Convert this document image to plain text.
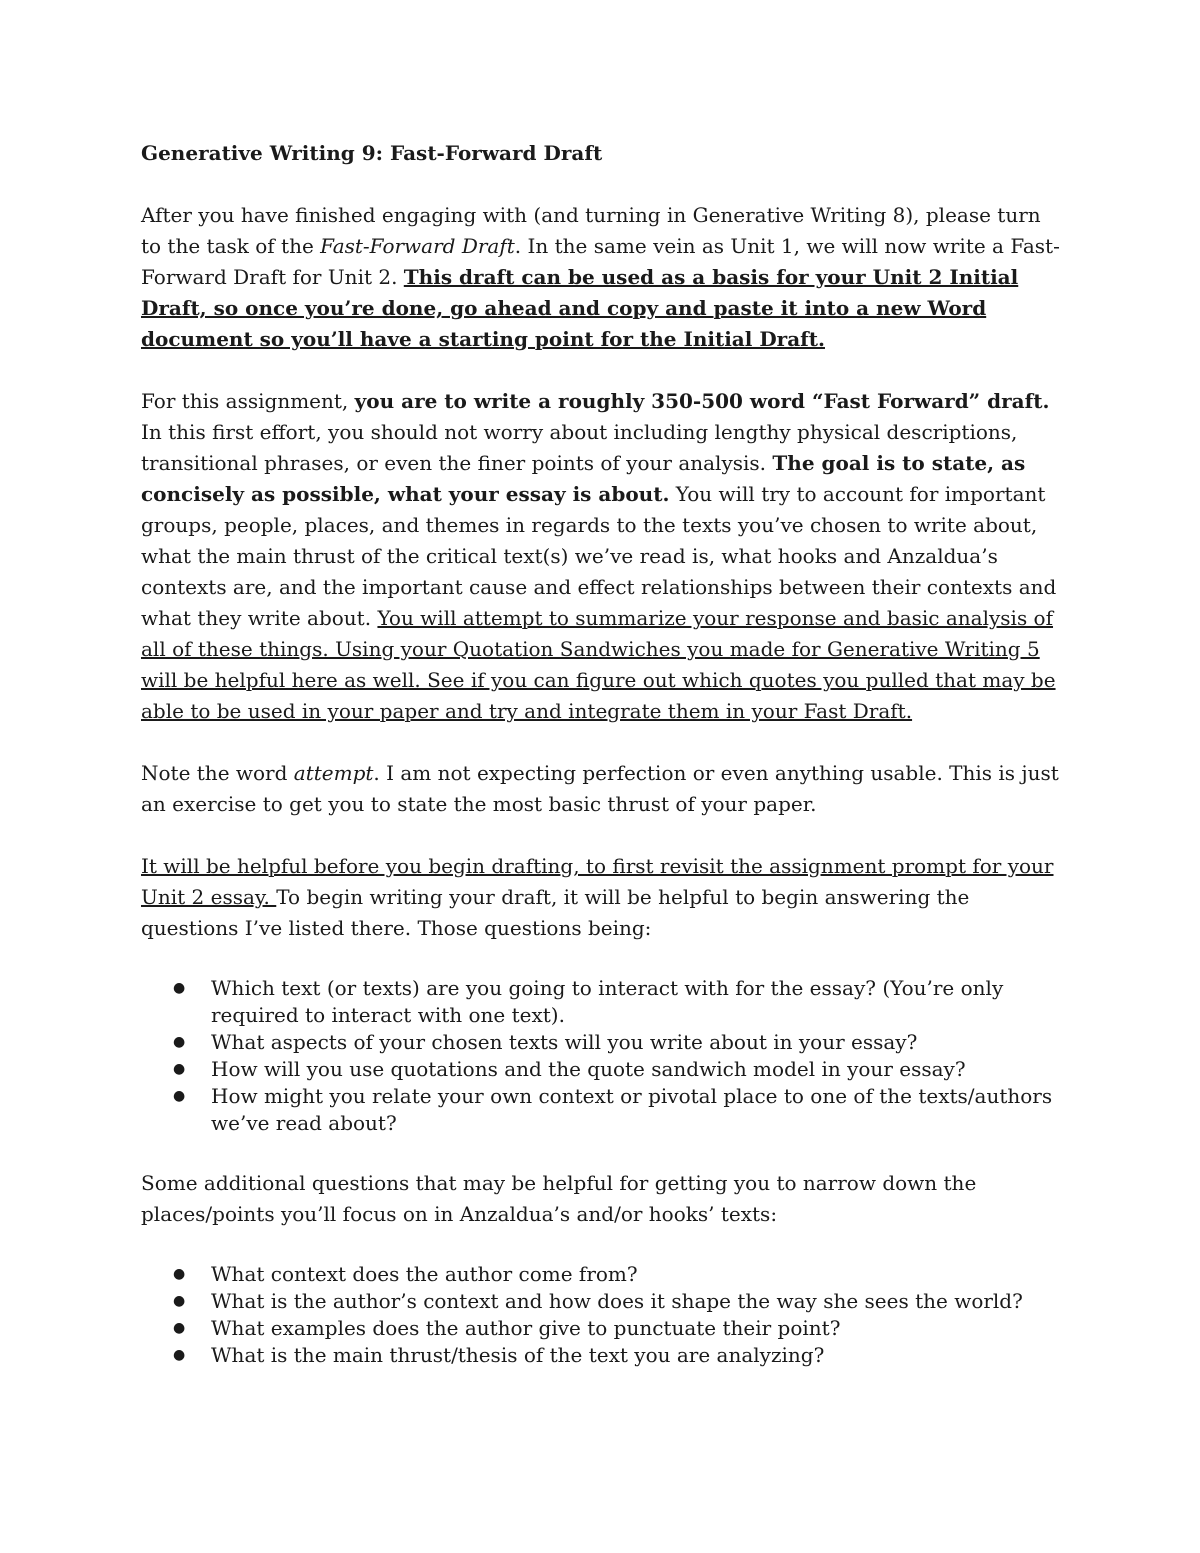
Generative Writing 9: Fast-Forward Draft

After you have finished engaging with (and turning in Generative Writing 8), please turn to the task of the Fast-Forward Draft. In the same vein as Unit 1, we will now write a Fast-Forward Draft for Unit 2. This draft can be used as a basis for your Unit 2 Initial Draft, so once you’re done, go ahead and copy and paste it into a new Word document so you’ll have a starting point for the Initial Draft.

For this assignment, you are to write a roughly 350-500 word “Fast Forward” draft. In this first effort, you should not worry about including lengthy physical descriptions, transitional phrases, or even the finer points of your analysis. The goal is to state, as concisely as possible, what your essay is about. You will try to account for important groups, people, places, and themes in regards to the texts you’ve chosen to write about, what the main thrust of the critical text(s) we’ve read is, what hooks and Anzaldua’s contexts are, and the important cause and effect relationships between their contexts and what they write about. You will attempt to summarize your response and basic analysis of all of these things. Using your Quotation Sandwiches you made for Generative Writing 5 will be helpful here as well. See if you can figure out which quotes you pulled that may be able to be used in your paper and try and integrate them in your Fast Draft.

Note the word attempt. I am not expecting perfection or even anything usable. This is just an exercise to get you to state the most basic thrust of your paper.

It will be helpful before you begin drafting, to first revisit the assignment prompt for your Unit 2 essay. To begin writing your draft, it will be helpful to begin answering the questions I’ve listed there. Those questions being:

● Which text (or texts) are you going to interact with for the essay? (You’re only required to interact with one text).
● What aspects of your chosen texts will you write about in your essay?
● How will you use quotations and the quote sandwich model in your essay?
● How might you relate your own context or pivotal place to one of the texts/authors we’ve read about?

Some additional questions that may be helpful for getting you to narrow down the places/points you’ll focus on in Anzaldua’s and/or hooks’ texts:

● What context does the author come from?
● What is the author’s context and how does it shape the way she sees the world?
● What examples does the author give to punctuate their point?
● What is the main thrust/thesis of the text you are analyzing?
